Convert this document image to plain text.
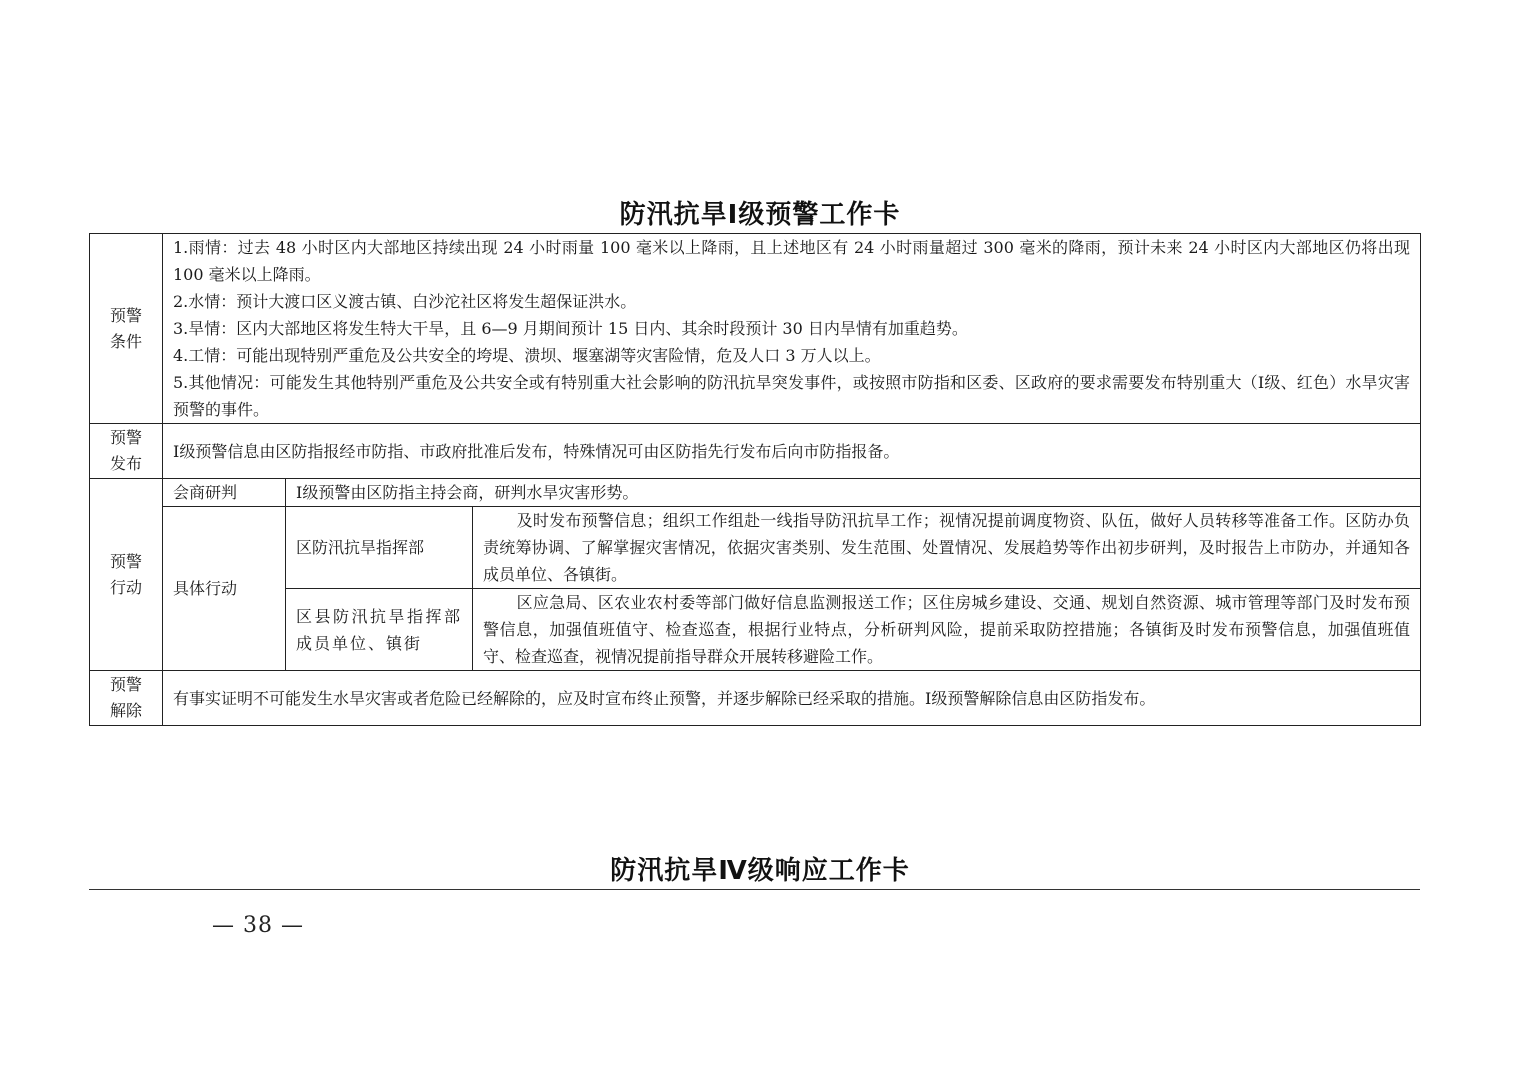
防汛抗旱Ⅰ级预警工作卡
预警
条件	1.雨情：过去 48 小时区内大部地区持续出现 24 小时雨量 100 毫米以上降雨，且上述地区有 24 小时雨量超过 300 毫米的降雨，预计未来 24 小时区内大部地区仍将出现 100 毫米以上降雨。
2.水情：预计大渡口区义渡古镇、白沙沱社区将发生超保证洪水。
3.旱情：区内大部地区将发生特大干旱，且 6—9 月期间预计 15 日内、其余时段预计 30 日内旱情有加重趋势。
4.工情：可能出现特别严重危及公共安全的垮堤、溃坝、堰塞湖等灾害险情，危及人口 3 万人以上。
5.其他情况：可能发生其他特别严重危及公共安全或有特别重大社会影响的防汛抗旱突发事件，或按照市防指和区委、区政府的要求需要发布特别重大（Ⅰ级、红色）水旱灾害预警的事件。		

预警
发布	Ⅰ级预警信息由区防指报经市防指、市政府批准后发布，特殊情况可由区防指先行发布后向市防指报备。		

预警
行动	会商研判	Ⅰ级预警由区防指主持会商，研判水旱灾害形势。	
	具体行动	区防汛抗旱指挥部	及时发布预警信息；组织工作组赴一线指导防汛抗旱工作；视情况提前调度物资、队伍，做好人员转移等准备工作。区防办负责统筹协调、了解掌握灾害情况，依据灾害类别、发生范围、处置情况、发展趋势等作出初步研判，及时报告上市防办，并通知各成员单位、各镇街。

		区县防汛抗旱指挥部成员单位、镇街	区应急局、区农业农村委等部门做好信息监测报送工作；区住房城乡建设、交通、规划自然资源、城市管理等部门及时发布预警信息，加强值班值守、检查巡查，根据行业特点，分析研判风险，提前采取防控措施；各镇街及时发布预警信息，加强值班值守、检查巡查，视情况提前指导群众开展转移避险工作。

预警
解除	有事实证明不可能发生水旱灾害或者危险已经解除的，应及时宣布终止预警，并逐步解除已经采取的措施。Ⅰ级预警解除信息由区防指发布。		
防汛抗旱Ⅳ级响应工作卡
— 38 —
